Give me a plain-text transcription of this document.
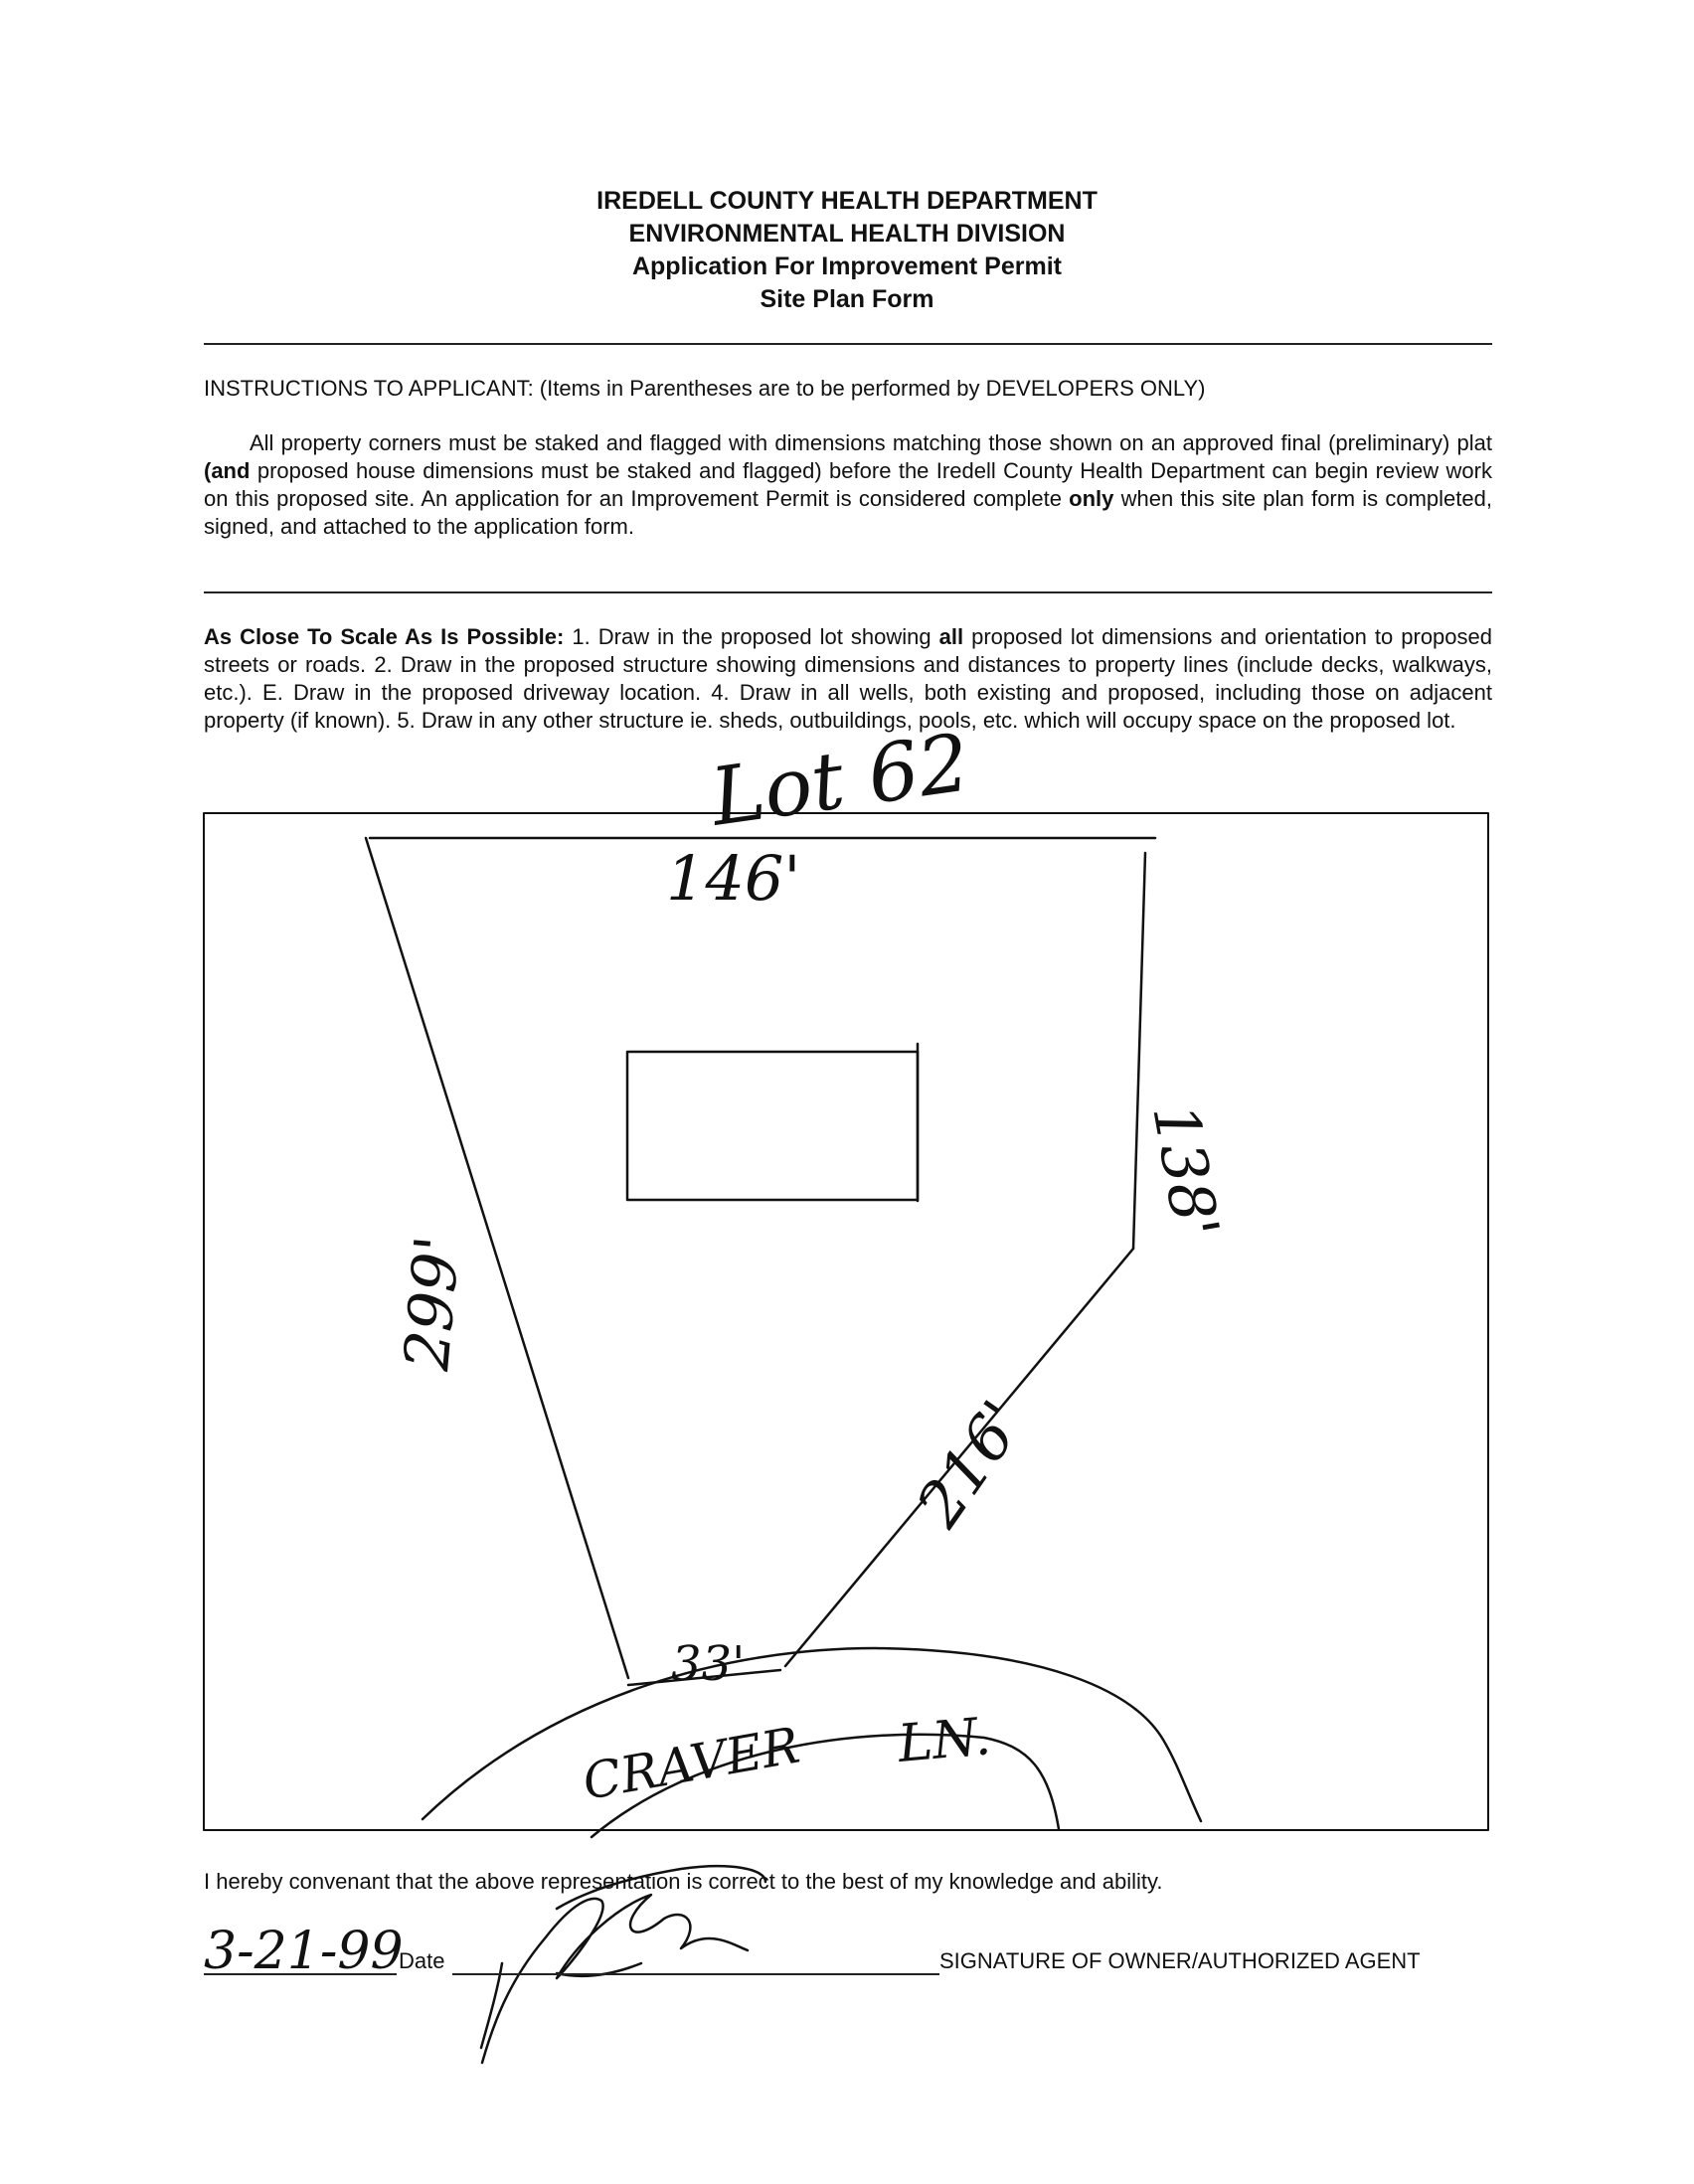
IREDELL COUNTY HEALTH DEPARTMENT
ENVIRONMENTAL HEALTH DIVISION
Application For Improvement Permit
Site Plan Form
INSTRUCTIONS TO APPLICANT: (Items in Parentheses are to be performed by DEVELOPERS ONLY)
All property corners must be staked and flagged with dimensions matching those shown on an approved final (preliminary) plat (and proposed house dimensions must be staked and flagged) before the Iredell County Health Department can begin review work on this proposed site. An application for an Improvement Permit is considered complete only when this site plan form is completed, signed, and attached to the application form.
As Close To Scale As Is Possible: 1. Draw in the proposed lot showing all proposed lot dimensions and orientation to proposed streets or roads. 2. Draw in the proposed structure showing dimensions and distances to property lines (include decks, walkways, etc.). E. Draw in the proposed driveway location. 4. Draw in all wells, both existing and proposed, including those on adjacent property (if known). 5. Draw in any other structure ie. sheds, outbuildings, pools, etc. which will occupy space on the proposed lot.
Lot 62
146'
138'
299'
216'
33'
CRAVER LN.
3-21-99
I hereby convenant that the above representation is correct to the best of my knowledge and ability.
Date	SIGNATURE OF OWNER/AUTHORIZED AGENT
